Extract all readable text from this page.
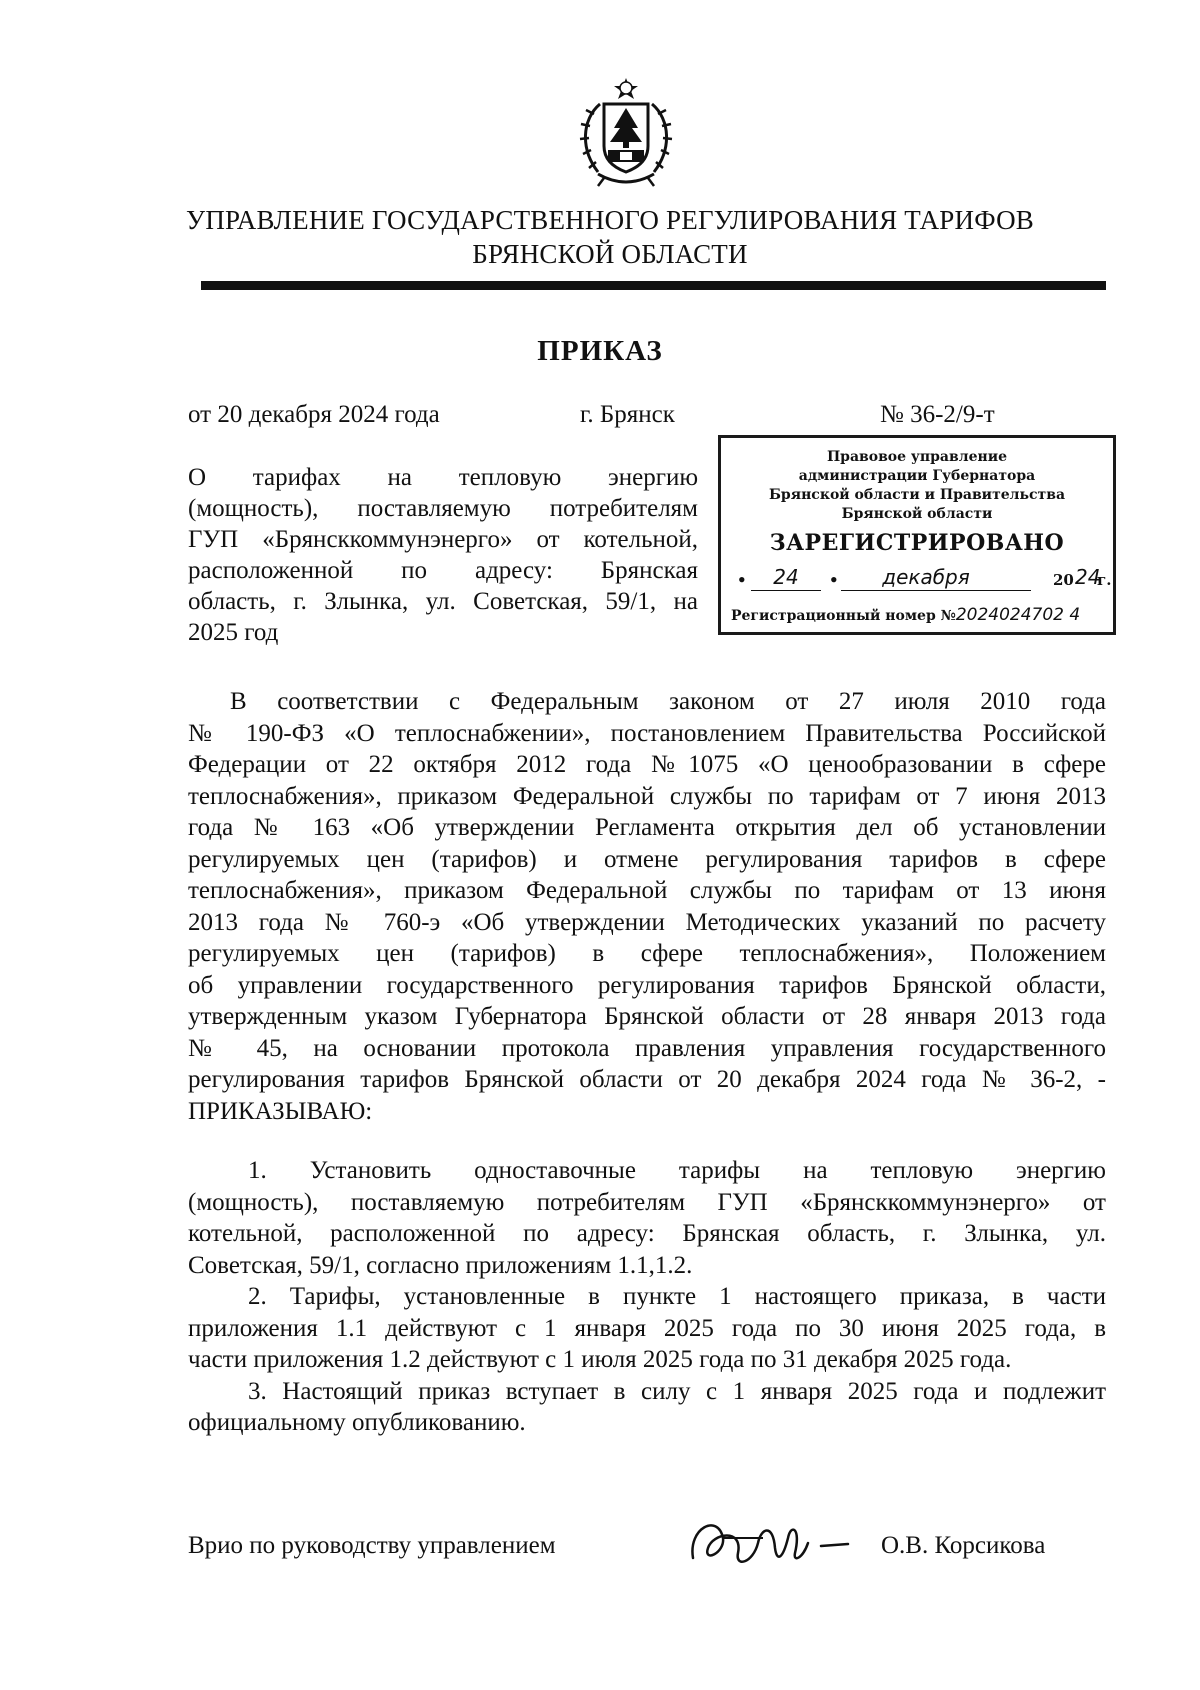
УПРАВЛЕНИЕ ГОСУДАРСТВЕННОГО РЕГУЛИРОВАНИЯ ТАРИФОВ
БРЯНСКОЙ ОБЛАСТИ
ПРИКАЗ
от 20 декабря 2024 года	г. Брянск	№ 36-2/9-т
Правовое управление
администрации Губернатора
Брянской области и Правительства
Брянской области
ЗАРЕГИСТРИРОВАНО
•	24	•	декабря	20 24
г.
Регистрационный номер №2024024702 4
О тарифах на тепловую энергию
(мощность), поставляемую потребителям
ГУП «Брянсккоммунэнерго» от котельной,
расположенной по адресу: Брянская
область, г. Злынка, ул. Советская, 59/1, на
2025 год
В соответствии с Федеральным законом от 27 июля 2010 года
№ 190-ФЗ «О теплоснабжении», постановлением Правительства Российской
Федерации от 22 октября 2012 года №1075 «О ценообразовании в сфере
теплоснабжения», приказом Федеральной службы по тарифам от 7 июня 2013
года № 163 «Об утверждении Регламента открытия дел об установлении
регулируемых цен (тарифов) и отмене регулирования тарифов в сфере
теплоснабжения», приказом Федеральной службы по тарифам от 13 июня
2013 года № 760-э «Об утверждении Методических указаний по расчету
регулируемых цен (тарифов) в сфере теплоснабжения», Положением
об управлении государственного регулирования тарифов Брянской области,
утвержденным указом Губернатора Брянской области от 28 января 2013 года
№ 45, на основании протокола правления управления государственного
регулирования тарифов Брянской области от 20 декабря 2024 года № 36-2, -
ПРИКАЗЫВАЮ:
1. Установить одноставочные тарифы на тепловую энергию
(мощность), поставляемую потребителям ГУП «Брянсккоммунэнерго» от
котельной, расположенной по адресу: Брянская область, г. Злынка, ул.
Советская, 59/1, согласно приложениям 1.1,1.2.
2. Тарифы, установленные в пункте 1 настоящего приказа, в части
приложения 1.1 действуют с 1 января 2025 года по 30 июня 2025 года, в
части приложения 1.2 действуют с 1 июля 2025 года по 31 декабря 2025 года.
3. Настоящий приказ вступает в силу с 1 января 2025 года и подлежит
официальному опубликованию.
Врио по руководству управлением	О.В. Корсикова
